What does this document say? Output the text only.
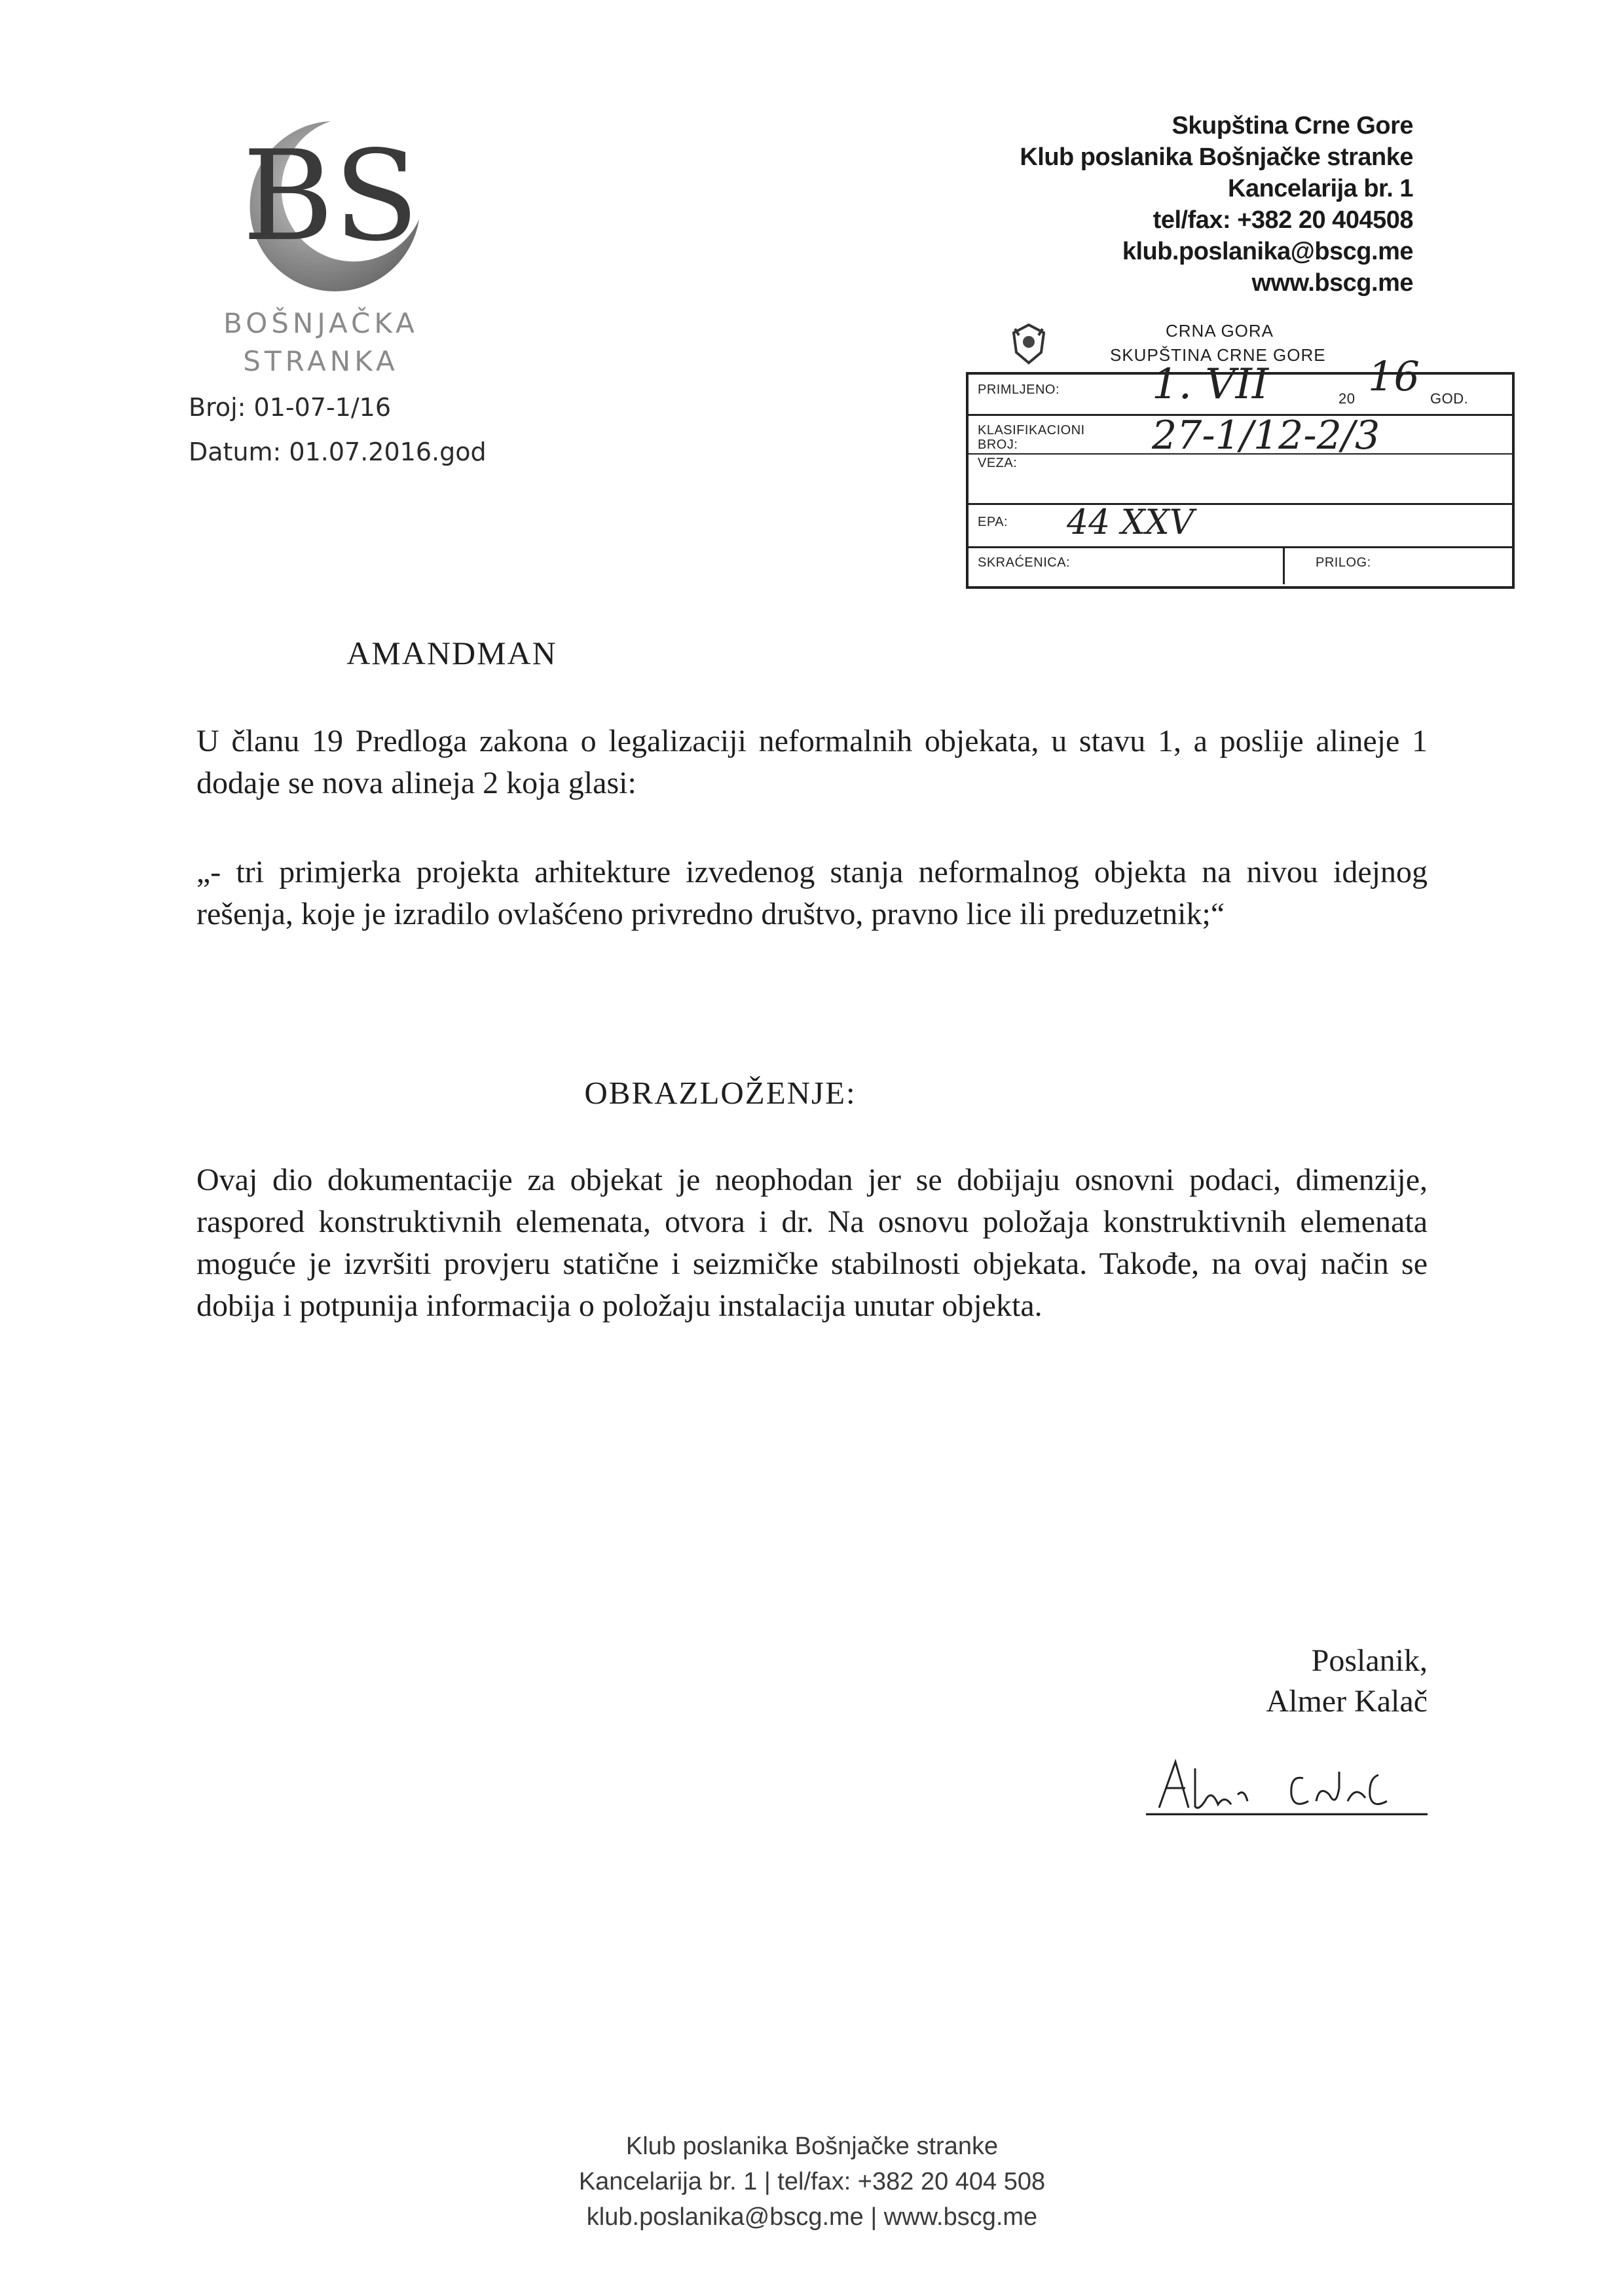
BS
BOŠNJAČKA
STRANKA
Broj: 01-07-1/16
Datum: 01.07.2016.god
Skupština Crne Gore
Klub poslanika Bošnjačke stranke
Kancelarija br. 1
tel/fax: +382 20 404508
klub.poslanika@bscg.me
www.bscg.me
CRNA GORA
SKUPŠTINA CRNE GORE
PRIMLJENO: 1. VII	20 16 GOD.
KLASIFIKACIONI
BROJ:	27-1/12-2/3
VEZA:
EPA: 44 XXV
SKRAĆENICA:	PRILOG:
AMANDMAN
U članu 19 Predloga zakona o legalizaciji neformalnih objekata, u stavu 1, a poslije alineje 1 dodaje se nova alineja 2 koja glasi:
„- tri primjerka projekta arhitekture izvedenog stanja neformalnog objekta na nivou idejnog rešenja, koje je izradilo ovlašćeno privredno društvo, pravno lice ili preduzetnik;“
OBRAZLOŽENJE:
Ovaj dio dokumentacije za objekat je neophodan jer se dobijaju osnovni podaci, dimenzije, raspored konstruktivnih elemenata, otvora i dr. Na osnovu položaja konstruktivnih elemenata moguće je izvršiti provjeru statične i seizmičke stabilnosti objekata. Takođe, na ovaj način se dobija i potpunija informacija o položaju instalacija unutar objekta.
Poslanik,
Almer Kalač
Klub poslanika Bošnjačke stranke
Kancelarija br. 1 | tel/fax: +382 20 404 508
klub.poslanika@bscg.me | www.bscg.me
